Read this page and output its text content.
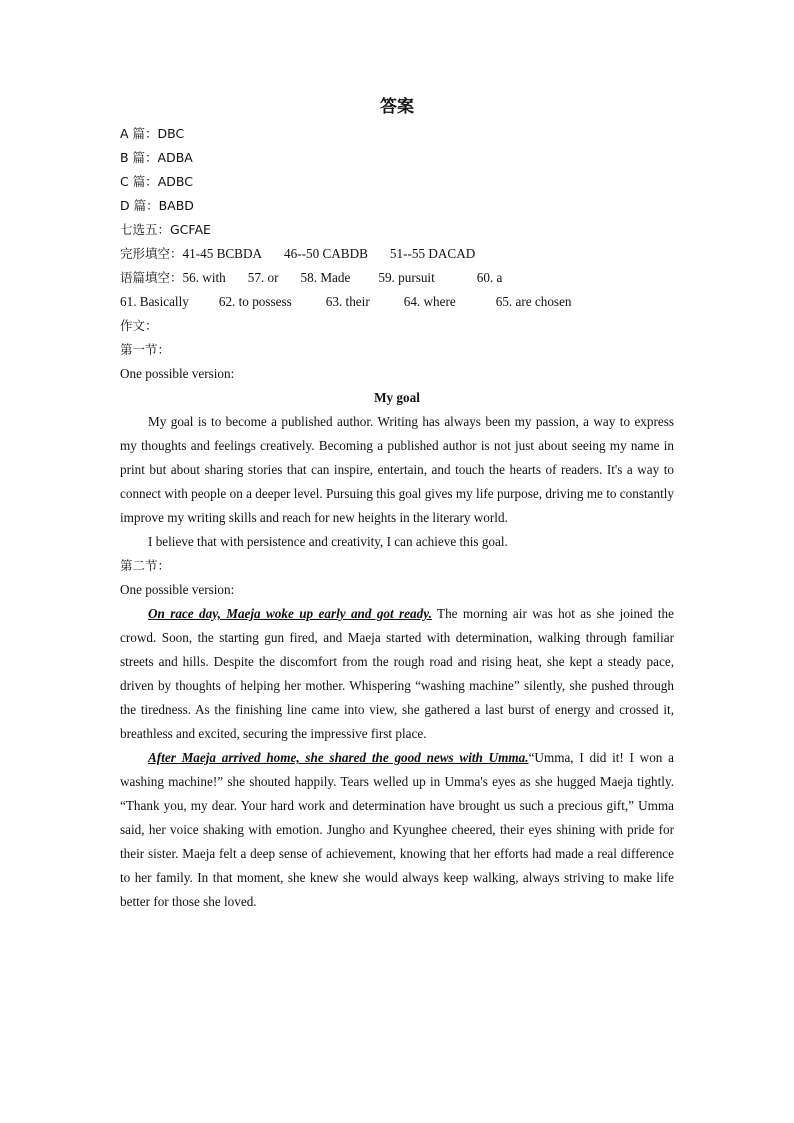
答案
A 篇：DBC
B 篇：ADBA
C 篇：ADBC
D 篇：BABD
七选五：GCFAE
完形填空：41-45 BCBDA 46--50 CABDB 51--55 DACAD
语篇填空：56. with 57. or 58. Made 59. pursuit	60. a
61. Basically 62. to possess	63. their	64. where	65. are chosen
作文：
第一节：
One possible version:
My goal

My goal is to become a published author. Writing has always been my passion, a way to express my thoughts and feelings creatively. Becoming a published author is not just about seeing my name in print but about sharing stories that can inspire, entertain, and touch the hearts of readers. It's a way to connect with people on a deeper level. Pursuing this goal gives my life purpose, driving me to constantly improve my writing skills and reach for new heights in the literary world.

I believe that with persistence and creativity, I can achieve this goal.

第二节：
One possible version:

On race day, Maeja woke up early and got ready. The morning air was hot as she joined the crowd. Soon, the starting gun fired, and Maeja started with determination, walking through familiar streets and hills. Despite the discomfort from the rough road and rising heat, she kept a steady pace, driven by thoughts of helping her mother. Whispering “washing machine” silently, she pushed through the tiredness. As the finishing line came into view, she gathered a last burst of energy and crossed it, breathless and excited, securing the impressive first place.

After Maeja arrived home, she shared the good news with Umma.“Umma, I did it! I won a washing machine!” she shouted happily. Tears welled up in Umma's eyes as she hugged Maeja tightly. “Thank you, my dear. Your hard work and determination have brought us such a precious gift,” Umma said, her voice shaking with emotion. Jungho and Kyunghee cheered, their eyes shining with pride for their sister. Maeja felt a deep sense of achievement, knowing that her efforts had made a real difference to her family. In that moment, she knew she would always keep walking, always striving to make life better for those she loved.
